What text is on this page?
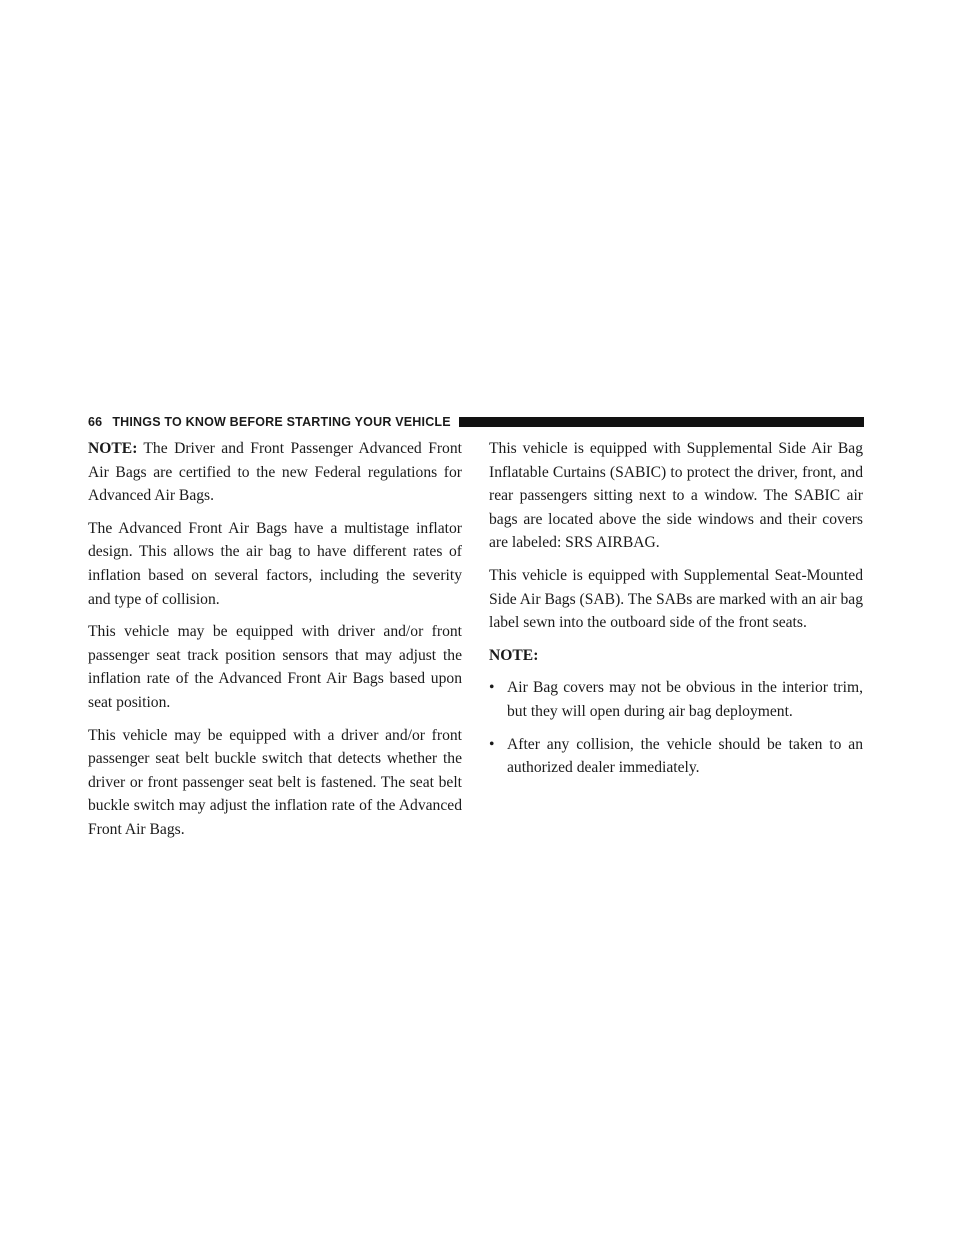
66 THINGS TO KNOW BEFORE STARTING YOUR VEHICLE

NOTE: The Driver and Front Passenger Advanced Front Air Bags are certified to the new Federal regulations for Advanced Air Bags.

The Advanced Front Air Bags have a multistage inflator design. This allows the air bag to have different rates of inflation based on several factors, including the severity and type of collision.

This vehicle may be equipped with driver and/or front passenger seat track position sensors that may adjust the inflation rate of the Advanced Front Air Bags based upon seat position.

This vehicle may be equipped with a driver and/or front passenger seat belt buckle switch that detects whether the driver or front passenger seat belt is fastened. The seat belt buckle switch may adjust the inflation rate of the Advanced Front Air Bags.

This vehicle is equipped with Supplemental Side Air Bag Inflatable Curtains (SABIC) to protect the driver, front, and rear passengers sitting next to a window. The SABIC air bags are located above the side windows and their covers are labeled: SRS AIRBAG.

This vehicle is equipped with Supplemental Seat-Mounted Side Air Bags (SAB). The SABs are marked with an air bag label sewn into the outboard side of the front seats.

NOTE:
• Air Bag covers may not be obvious in the interior trim, but they will open during air bag deployment.
• After any collision, the vehicle should be taken to an authorized dealer immediately.
